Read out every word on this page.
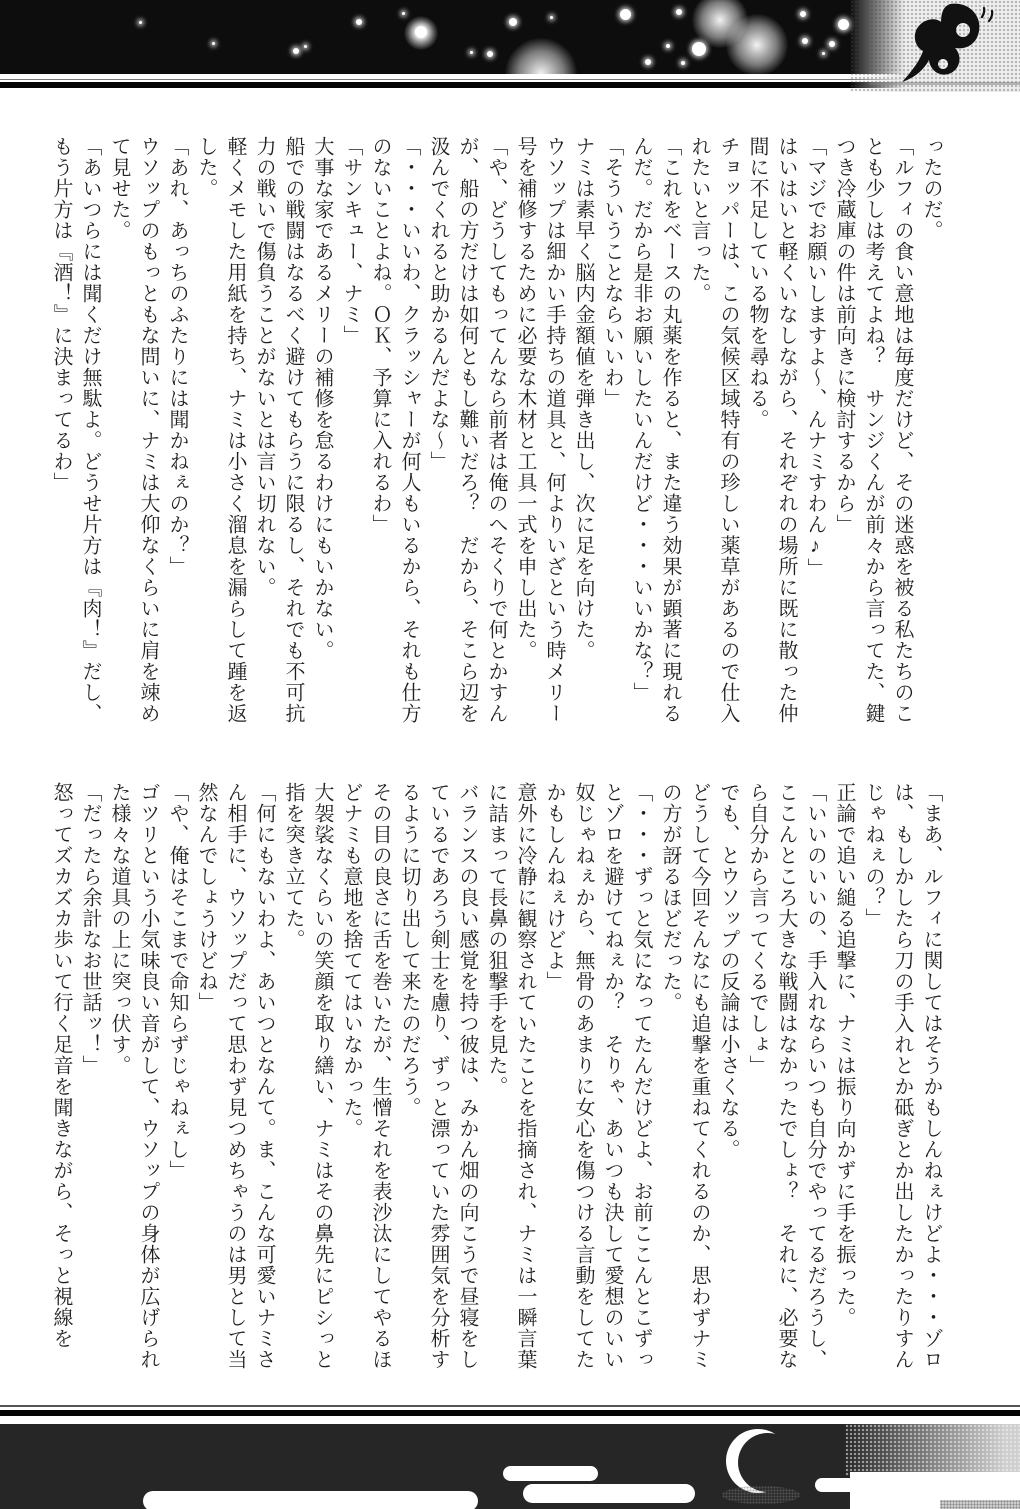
ったのだ。

「ルフィの食い意地は毎度だけど、その迷惑を被る私たちのことも少しは考えてよね？　サンジくんが前々から言ってた、鍵つき冷蔵庫の件は前向きに検討するから」

「マジでお願いしますよ～、んナミすわん♪」

はいはいと軽くいなしながら、それぞれの場所に既に散った仲間に不足している物を尋ねる。

チョッパーは、この気候区域特有の珍しい薬草があるので仕入れたいと言った。

「これをベースの丸薬を作ると、また違う効果が顕著に現れるんだ。だから是非お願いしたいんだけど・・・いいかな？」

「そういうことならいいわ」

ナミは素早く脳内金額値を弾き出し、次に足を向けた。

ウソップは細かい手持ちの道具と、何よりいざという時メリー号を補修するために必要な木材と工具一式を申し出た。

「や、どうしてもってんなら前者は俺のへそくりで何とかすんが、船の方だけは如何ともし難いだろ？　だから、そこら辺を汲んでくれると助かるんだよな～」

「・・・いいわ、クラッシャーが何人もいるから、それも仕方のないことよね。ＯＫ、予算に入れるわ」

「サンキュー、ナミ」

大事な家であるメリーの補修を怠るわけにもいかない。

船での戦闘はなるべく避けてもらうに限るし、それでも不可抗力の戦いで傷負うことがないとは言い切れない。

軽くメモした用紙を持ち、ナミは小さく溜息を漏らして踵を返した。

「あれ、あっちのふたりには聞かねぇのか？」

ウソップのもっともな問いに、ナミは大仰なくらいに肩を竦めて見せた。

「あいつらには聞くだけ無駄よ。どうせ片方は『肉！』だし、もう片方は『酒！』に決まってるわ」

「まあ、ルフィに関してはそうかもしんねぇけどよ・・・ゾロは、もしかしたら刀の手入れとか砥ぎとか出したかったりすんじゃねぇの？」

正論で追い縋る追撃に、ナミは振り向かずに手を振った。

「いいのいいの、手入れならいつも自分でやってるだろうし、ここんところ大きな戦闘はなかったでしょ？　それに、必要なら自分から言ってくるでしょ」

でも、とウソップの反論は小さくなる。

どうして今回そんなにも追撃を重ねてくれるのか、思わずナミの方が訝るほどだった。

「・・・ずっと気になってたんだけどよ、お前ここんとこずっとゾロを避けてねぇか？　そりゃ、あいつも決して愛想のいい奴じゃねぇから、無骨のあまりに女心を傷つける言動をしてたかもしんねぇけどよ」

意外に冷静に観察されていたことを指摘され、ナミは一瞬言葉に詰まって長鼻の狙撃手を見た。

バランスの良い感覚を持つ彼は、みかん畑の向こうで昼寝をしているであろう剣士を慮り、ずっと漂っていた雰囲気を分析するように切り出して来たのだろう。

その目の良さに舌を巻いたが、生憎それを表沙汰にしてやるほどナミも意地を捨ててはいなかった。

大袈裟なくらいの笑顔を取り繕い、ナミはその鼻先にピシっと指を突き立てた。

「何にもないわよ、あいつとなんて。ま、こんな可愛いナミさん相手に、ウソップだって思わず見つめちゃうのは男として当然なんでしょうけどね」

「や、俺はそこまで命知らずじゃねぇし」

ゴツリという小気味良い音がして、ウソップの身体が広げられた様々な道具の上に突っ伏す。

「だったら余計なお世話ッ！」

怒ってズカズカ歩いて行く足音を聞きながら、そっと視線を
